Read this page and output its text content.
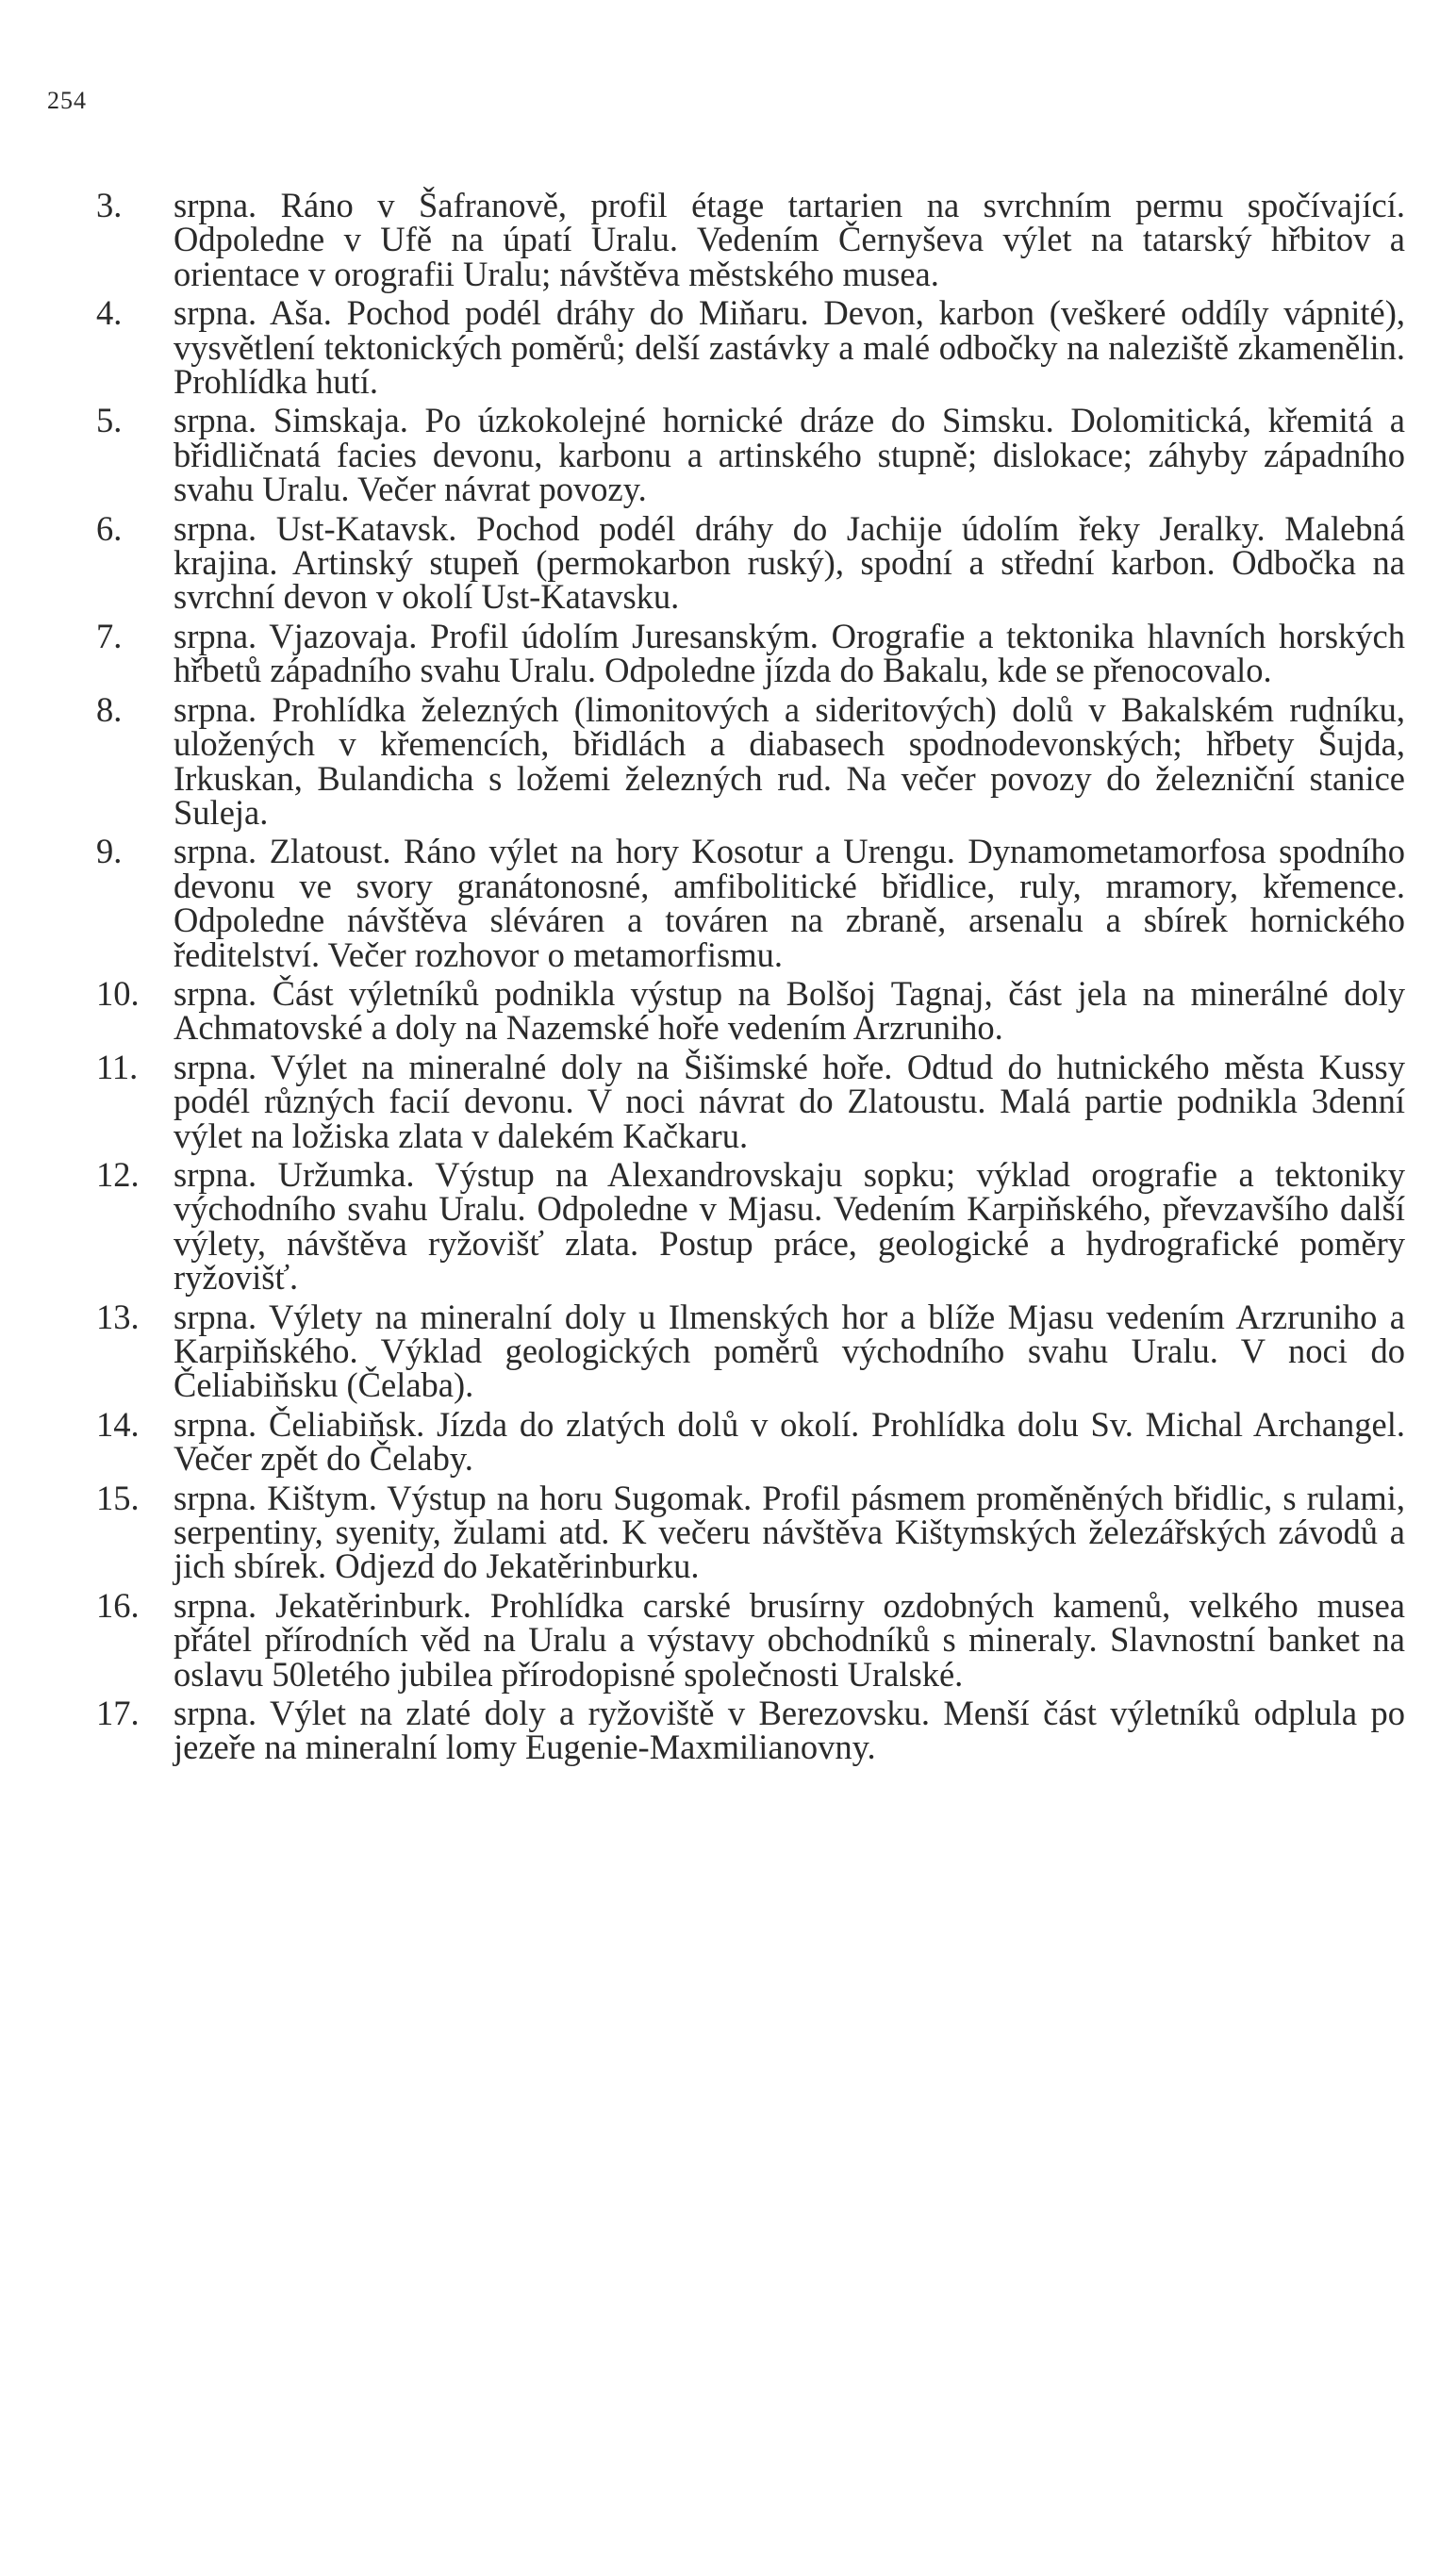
254

3. srpna. Ráno v Šafranově, profil étage tartarien na svrchním permu spočívající. Odpoledne v Ufě na úpatí Uralu. Vedením Černyševa výlet na tatarský hřbitov a orientace v orografii Uralu; návštěva městského musea.

4. srpna. Aša. Pochod podél dráhy do Miňaru. Devon, karbon (veškeré oddíly vápnité), vysvětlení tektonických poměrů; delší zastávky a malé odbočky na naleziště zkamenělin. Prohlídka hutí.

5. srpna. Simskaja. Po úzkokolejné hornické dráze do Simsku. Dolomitická, křemitá a břidličnatá facies devonu, karbonu a artinského stupně; dislokace; záhyby západního svahu Uralu. Večer návrat povozy.

6. srpna. Ust-Katavsk. Pochod podél dráhy do Jachije údolím řeky Jeralky. Malebná krajina. Artinský stupeň (permokarbon ruský), spodní a střední karbon. Odbočka na svrchní devon v okolí Ust-Katavsku.

7. srpna. Vjazovaja. Profil údolím Juresanským. Orografie a tektonika hlavních horských hřbetů západního svahu Uralu. Odpoledne jízda do Bakalu, kde se přenocovalo.

8. srpna. Prohlídka železných (limonitových a sideritových) dolů v Bakalském rudníku, uložených v křemencích, břidlách a diabasech spodnodevonských; hřbety Šujda, Irkuskan, Bulandicha s ložemi železných rud. Na večer povozy do železniční stanice Suleja.

9. srpna. Zlatoust. Ráno výlet na hory Kosotur a Urengu. Dynamometamorfosa spodního devonu ve svory granátonosné, amfibolitické břidlice, ruly, mramory, křemence. Odpoledne návštěva sléváren a továren na zbraně, arsenalu a sbírek hornického ředitelství. Večer rozhovor o metamorfismu.

10. srpna. Část výletníků podnikla výstup na Bolšoj Tagnaj, část jela na minerálné doly Achmatovské a doly na Nazemské hoře vedením Arzruniho.

11. srpna. Výlet na mineralné doly na Šišimské hoře. Odtud do hutnického města Kussy podél různých facií devonu. V noci návrat do Zlatoustu. Malá partie podnikla 3denní výlet na ložiska zlata v dalekém Kačkaru.

12. srpna. Uržumka. Výstup na Alexandrovskaju sopku; výklad orografie a tektoniky východního svahu Uralu. Odpoledne v Mjasu. Vedením Karpiňského, převzavšího další výlety, návštěva ryžovišť zlata. Postup práce, geologické a hydrografické poměry ryžovišť.

13. srpna. Výlety na mineralní doly u Ilmenských hor a blíže Mjasu vedením Arzruniho a Karpiňského. Výklad geologických poměrů východního svahu Uralu. V noci do Čeliabiňsku (Čelaba).

14. srpna. Čeliabiňsk. Jízda do zlatých dolů v okolí. Prohlídka dolu Sv. Michal Archangel. Večer zpět do Čelaby.

15. srpna. Kištym. Výstup na horu Sugomak. Profil pásmem proměněných břidlic, s rulami, serpentiny, syenity, žulami atd. K večeru návštěva Kištymských železářských závodů a jich sbírek. Odjezd do Jekatěrinburku.

16. srpna. Jekatěrinburk. Prohlídka carské brusírny ozdobných kamenů, velkého musea přátel přírodních věd na Uralu a výstavy obchodníků s mineraly. Slavnostní banket na oslavu 50letého jubilea přírodopisné společnosti Uralské.

17. srpna. Výlet na zlaté doly a ryžoviště v Berezovsku. Menší část výletníků odplula po jezeře na mineralní lomy Eugenie-Maxmilianovny.
